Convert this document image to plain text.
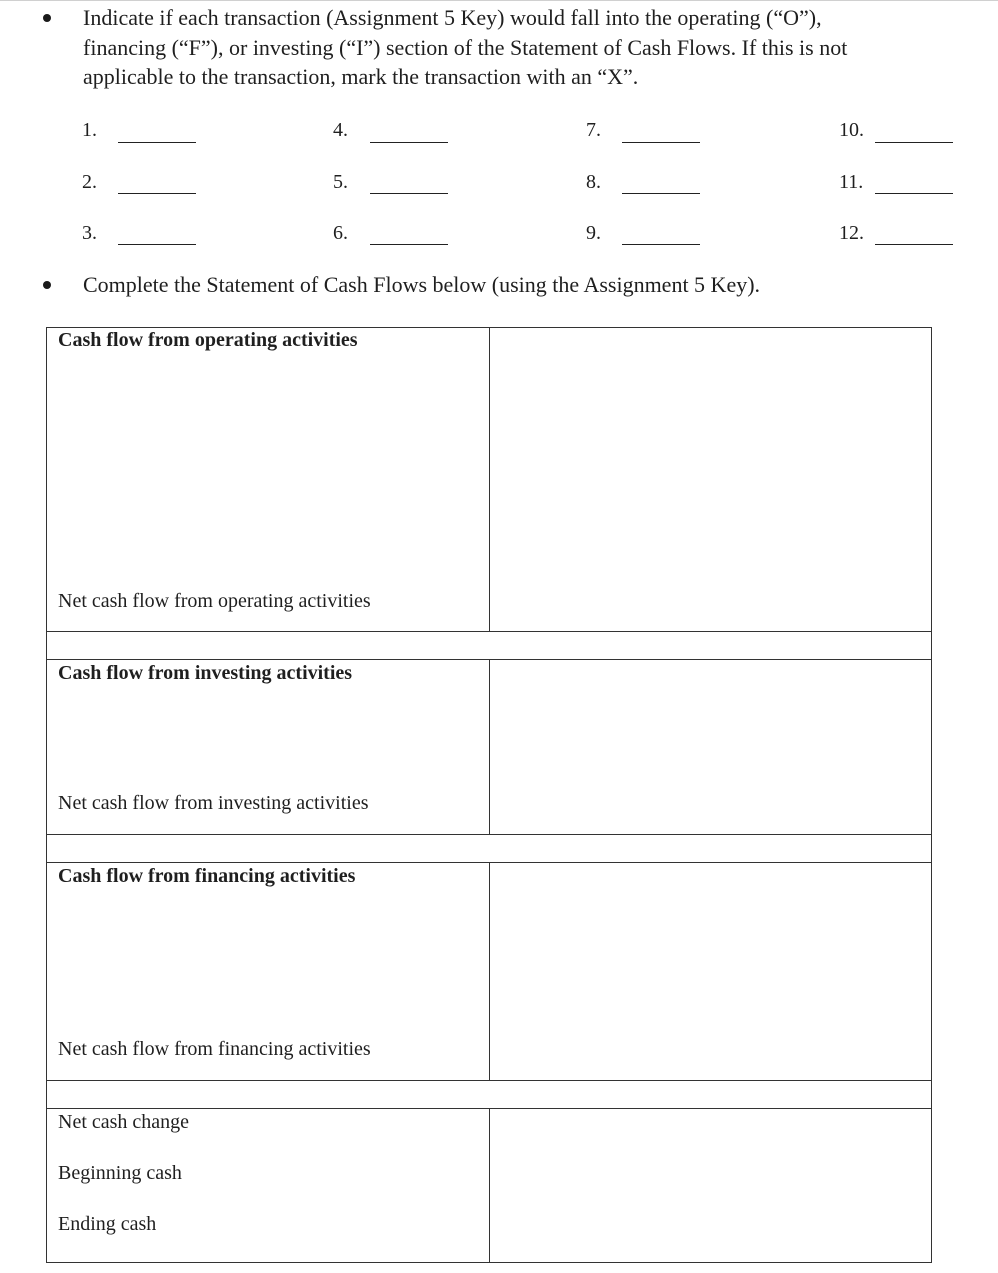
Indicate if each transaction (Assignment 5 Key) would fall into the operating (“O”),
financing (“F”), or investing (“I”) section of the Statement of Cash Flows. If this is not
applicable to the transaction, mark the transaction with an “X”.
1.
2.
3.
4.
5.
6.
7.
8.
9.
10.
11.
12.
Complete the Statement of Cash Flows below (using the Assignment 5 Key).
Cash flow from operating activities
Net cash flow from operating activities
Cash flow from investing activities
Net cash flow from investing activities
Cash flow from financing activities
Net cash flow from financing activities
Net cash change
Beginning cash
Ending cash
